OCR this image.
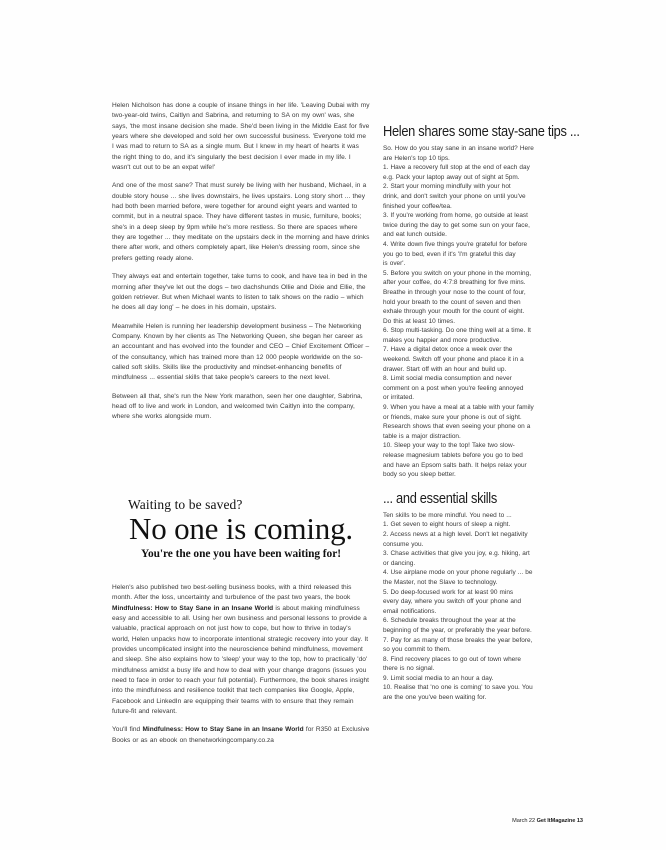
Helen Nicholson has done a couple of insane things in her life. 'Leaving Dubai with my two-year-old twins, Caitlyn and Sabrina, and returning to SA on my own' was, she says, 'the most insane decision she made. She'd been living in the Middle East for five years where she developed and sold her own successful business. 'Everyone told me I was mad to return to SA as a single mum. But I knew in my heart of hearts it was the right thing to do, and it's singularly the best decision I ever made in my life. I wasn't cut out to be an expat wife!'

And one of the most sane? That must surely be living with her husband, Michael, in a double story house ... she lives downstairs, he lives upstairs. Long story short ... they had both been married before, were together for around eight years and wanted to commit, but in a neutral space. They have different tastes in music, furniture, books; she's in a deep sleep by 9pm while he's more restless. So there are spaces where they are together ... they meditate on the upstairs deck in the morning and have drinks there after work, and others completely apart, like Helen's dressing room, since she prefers getting ready alone.

They always eat and entertain together, take turns to cook, and have tea in bed in the morning after they've let out the dogs – two dachshunds Ollie and Dixie and Ellie, the golden retriever. But when Michael wants to listen to talk shows on the radio – which he does all day long' – he does in his domain, upstairs.

Meanwhile Helen is running her leadership development business – The Networking Company. Known by her clients as The Networking Queen, she began her career as an accountant and has evolved into the founder and CEO – Chief Excitement Officer – of the consultancy, which has trained more than 12 000 people worldwide on the so-called soft skills. Skills like the productivity and mindset-enhancing benefits of mindfulness ... essential skills that take people's careers to the next level.

Between all that, she's run the New York marathon, seen her one daughter, Sabrina, head off to live and work in London, and welcomed twin Caitlyn into the company, where she works alongside mum.

Waiting to be saved?
No one is coming.
You're the one you have been waiting for!

Helen's also published two best-selling business books, with a third released this month. After the loss, uncertainty and turbulence of the past two years, the book Mindfulness: How to Stay Sane in an Insane World is about making mindfulness easy and accessible to all. Using her own business and personal lessons to provide a valuable, practical approach on not just how to cope, but how to thrive in today's world, Helen unpacks how to incorporate intentional strategic recovery into your day. It provides uncomplicated insight into the neuroscience behind mindfulness, movement and sleep. She also explains how to 'sleep' your way to the top, how to practically 'do' mindfulness amidst a busy life and how to deal with your change dragons (issues you need to face in order to reach your full potential). Furthermore, the book shares insight into the mindfulness and resilience toolkit that tech companies like Google, Apple, Facebook and LinkedIn are equipping their teams with to ensure that they remain future-fit and relevant.

You'll find Mindfulness: How to Stay Sane in an Insane World for R350 at Exclusive Books or as an ebook on thenetworkingcompany.co.za

Helen shares some stay-sane tips ...

So. How do you stay sane in an insane world? Here

are Helen's top 10 tips.

1. Have a recovery full stop at the end of each day

e.g. Pack your laptop away out of sight at 5pm.

2. Start your morning mindfully with your hot

drink, and don't switch your phone on until you've

finished your coffee/tea.

3. If you're working from home, go outside at least

twice during the day to get some sun on your face,

and eat lunch outside.

4. Write down five things you're grateful for before

you go to bed, even if it's 'I'm grateful this day

is over'.

5. Before you switch on your phone in the morning,

after your coffee, do 4:7:8 breathing for five mins.

Breathe in through your nose to the count of four,

hold your breath to the count of seven and then

exhale through your mouth for the count of eight.

Do this at least 10 times.

6. Stop multi-tasking. Do one thing well at a time. It

makes you happier and more productive.

7. Have a digital detox once a week over the

weekend. Switch off your phone and place it in a

drawer. Start off with an hour and build up.

8. Limit social media consumption and never

comment on a post when you're feeling annoyed

or irritated.

9. When you have a meal at a table with your family

or friends, make sure your phone is out of sight.

Research shows that even seeing your phone on a

table is a major distraction.

10. Sleep your way to the top! Take two slow-

release magnesium tablets before you go to bed

and have an Epsom salts bath. It helps relax your

body so you sleep better.

... and essential skills

Ten skills to be more mindful. You need to ...

1. Get seven to eight hours of sleep a night.

2. Access news at a high level. Don't let negativity

consume you.

3. Chase activities that give you joy, e.g. hiking, art

or dancing.

4. Use airplane mode on your phone regularly ... be

the Master, not the Slave to technology.

5. Do deep-focused work for at least 90 mins

every day, where you switch off your phone and

email notifications.

6. Schedule breaks throughout the year at the

beginning of the year, or preferably the year before.

7. Pay for as many of those breaks the year before,

so you commit to them.

8. Find recovery places to go out of town where

there is no signal.

9. Limit social media to an hour a day.

10. Realise that 'no one is coming' to save you. You

are the one you've been waiting for.

March 22 Get ItMagazine 13
